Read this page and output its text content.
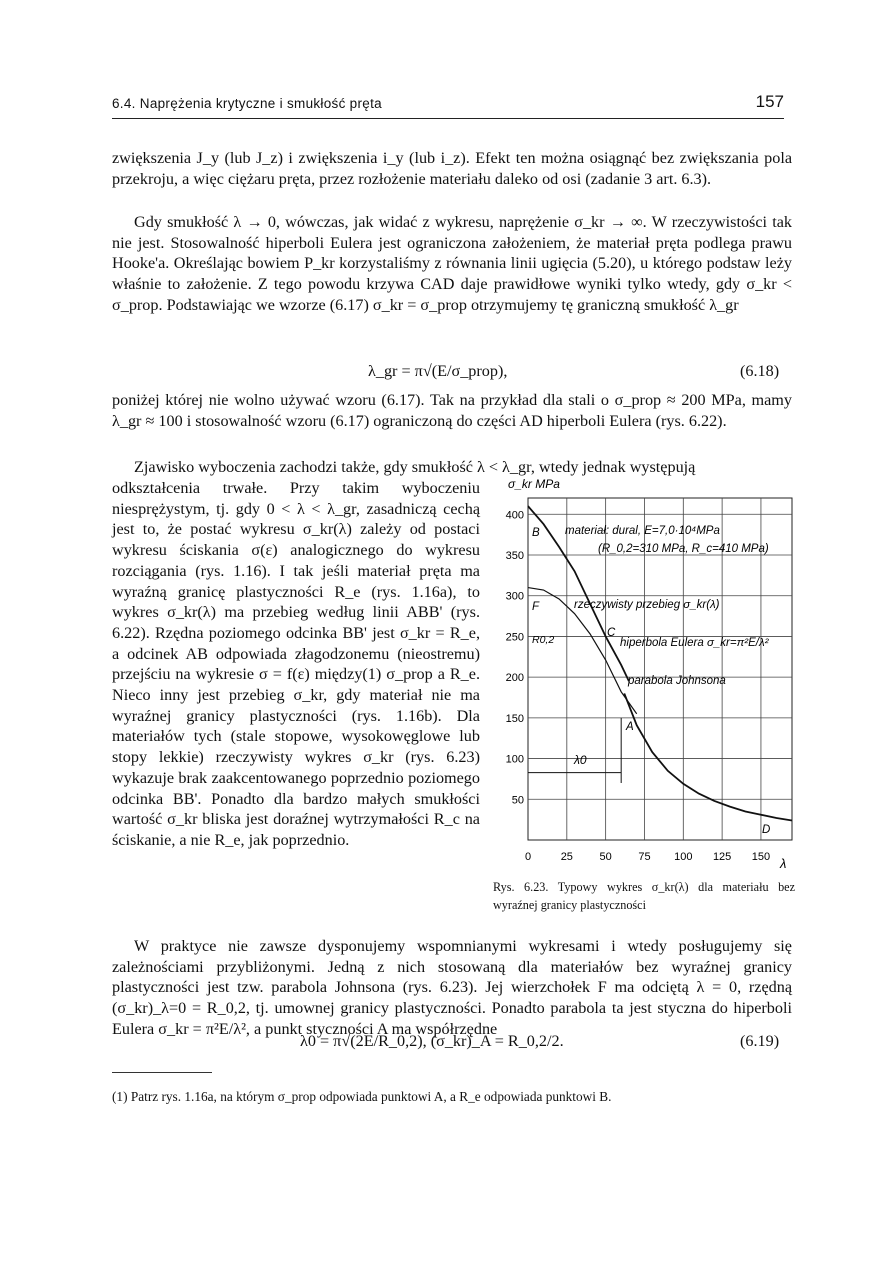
6.4. Naprężenia krytyczne i smukłość pręta	157

zwiększenia J_y (lub J_z) i zwiększenia i_y (lub i_z). Efekt ten można osiągnąć bez zwiększania pola przekroju, a więc ciężaru pręta, przez rozłożenie materiału daleko od osi (zadanie 3 art. 6.3).

Gdy smukłość λ → 0, wówczas, jak widać z wykresu, naprężenie σ_kr → ∞. W rzeczywistości tak nie jest. Stosowalność hiperboli Eulera jest ograniczona założeniem, że materiał pręta podlega prawu Hooke'a. Określając bowiem P_kr korzystaliśmy z równania linii ugięcia (5.20), u którego podstaw leży właśnie to założenie. Z tego powodu krzywa CAD daje prawidłowe wyniki tylko wtedy, gdy σ_kr < σ_prop. Podstawiając we wzorze (6.17) σ_kr = σ_prop otrzymujemy tę graniczną smukłość λ_gr

λ_gr = π√(E/σ_prop),	(6.18)

poniżej której nie wolno używać wzoru (6.17). Tak na przykład dla stali o σ_prop ≈ 200 MPa, mamy λ_gr ≈ 100 i stosowalność wzoru (6.17) ograniczoną do części AD hiperboli Eulera (rys. 6.22).

Zjawisko wyboczenia zachodzi także, gdy smukłość λ < λ_gr, wtedy jednak występują

odkształcenia trwałe. Przy takim wyboczeniu niesprężystym, tj. gdy 0 < λ < λ_gr, zasadniczą cechą jest to, że postać wykresu σ_kr(λ) zależy od postaci wykresu ściskania σ(ε) analogicznego do wykresu rozciągania (rys. 1.16). I tak jeśli materiał pręta ma wyraźną granicę plastyczności R_e (rys. 1.16a), to wykres σ_kr(λ) ma przebieg według linii ABB' (rys. 6.22). Rzędna poziomego odcinka BB' jest σ_kr = R_e, a odcinek AB odpowiada złagodzonemu (nieostremu) przejściu na wykresie σ = f(ε) między(1) σ_prop a R_e. Nieco inny jest przebieg σ_kr, gdy materiał nie ma wyraźnej granicy plastyczności (rys. 1.16b). Dla materiałów tych (stale stopowe, wysokowęglowe lub stopy lekkie) rzeczywisty wykres σ_kr (rys. 6.23) wykazuje brak zaakcentowanego poprzednio poziomego odcinka BB'. Ponadto dla bardzo małych smukłości wartość σ_kr bliska jest doraźnej wytrzymałości R_c na ściskanie, a nie R_e, jak poprzednio.

50
100
150
200
250
300
350
400
0	25 50 75 100 125 150
σ_kr MPa
materiał: dural, E=7,0·10⁴MPa
(R_0,2=310 MPa, R_c=410 MPa)
rzeczywisty przebieg σ_kr(λ)
hiperbola Eulera σ_kr=π²E/λ²
parabola Johnsona
λ0
λ
B
F
C
A
D
R0,2
Rys. 6.23. Typowy wykres σ_kr(λ) dla materiału bez wyraźnej granicy plastyczności

W praktyce nie zawsze dysponujemy wspomnianymi wykresami i wtedy posługujemy się zależnościami przybliżonymi. Jedną z nich stosowaną dla materiałów bez wyraźnej granicy plastyczności jest tzw. parabola Johnsona (rys. 6.23). Jej wierzchołek F ma odciętą λ = 0, rzędną (σ_kr)_λ=0 = R_0,2, tj. umownej granicy plastyczności. Ponadto parabola ta jest styczna do hiperboli Eulera σ_kr = π²E/λ², a punkt styczności A ma współrzędne

λ0 = π√(2E/R_0,2), (σ_kr)_A = R_0,2/2.	(6.19)
(1) Patrz rys. 1.16a, na którym σ_prop odpowiada punktowi A, a R_e odpowiada punktowi B.
